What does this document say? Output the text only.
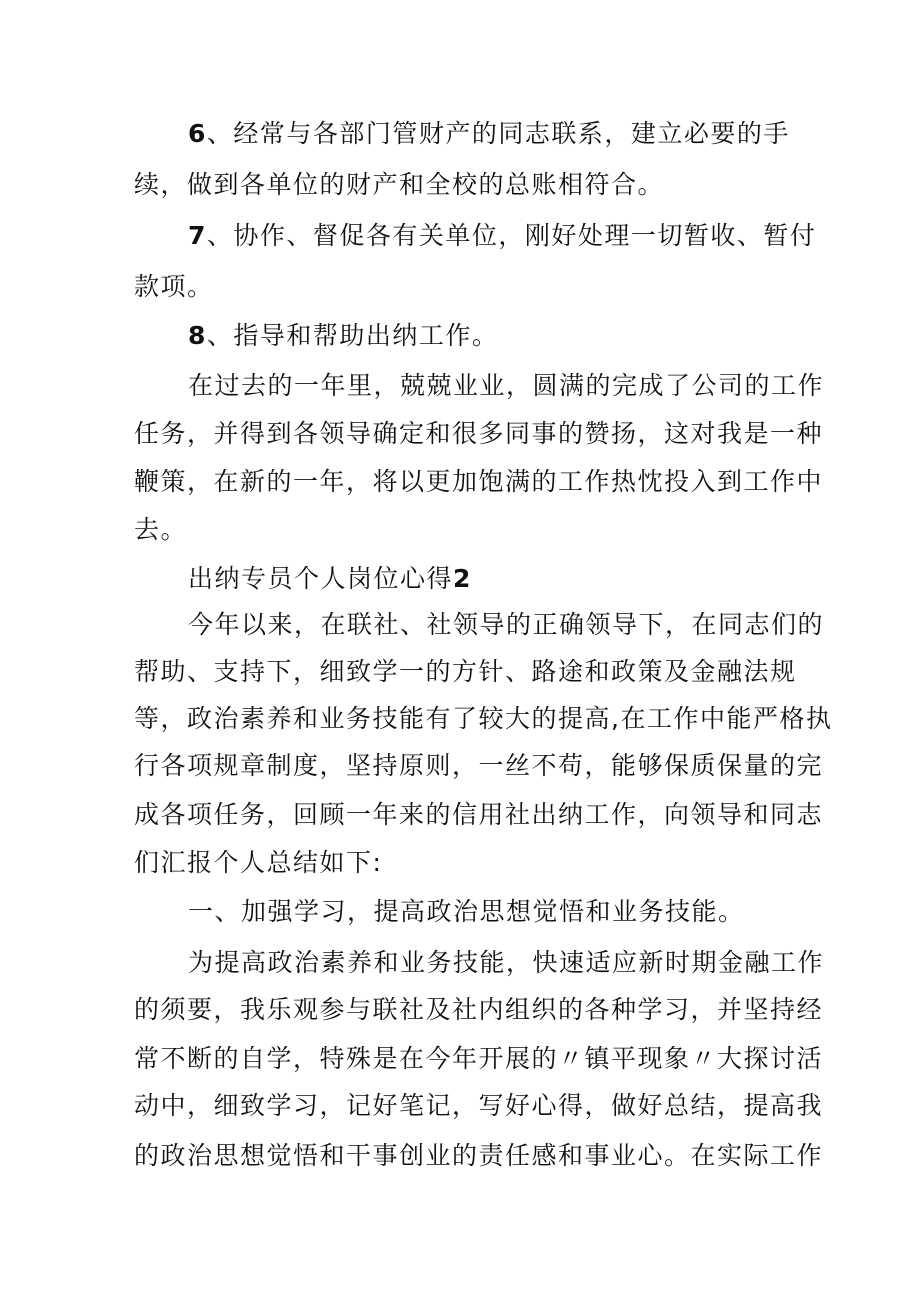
6、经常与各部门管财产的同志联系，建立必要的手
续，做到各单位的财产和全校的总账相符合。
7、协作、督促各有关单位，刚好处理一切暂收、暂付
款项。
8、指导和帮助出纳工作。
在过去的一年里，兢兢业业，圆满的完成了公司的工作
任务，并得到各领导确定和很多同事的赞扬，这对我是一种
鞭策，在新的一年，将以更加饱满的工作热忱投入到工作中
去。
出纳专员个人岗位心得2
今年以来，在联社、社领导的正确领导下，在同志们的
帮助、支持下，细致学一的方针、路途和政策及金融法规
等，政治素养和业务技能有了较大的提高,在工作中能严格执
行各项规章制度，坚持原则，一丝不苟，能够保质保量的完
成各项任务，回顾一年来的信用社出纳工作，向领导和同志
们汇报个人总结如下:
一、加强学习，提高政治思想觉悟和业务技能。
为提高政治素养和业务技能，快速适应新时期金融工作
的须要，我乐观参与联社及社内组织的各种学习，并坚持经
常不断的自学，特殊是在今年开展的〃镇平现象〃大探讨活
动中，细致学习，记好笔记，写好心得，做好总结，提高我
的政治思想觉悟和干事创业的责任感和事业心。在实际工作
